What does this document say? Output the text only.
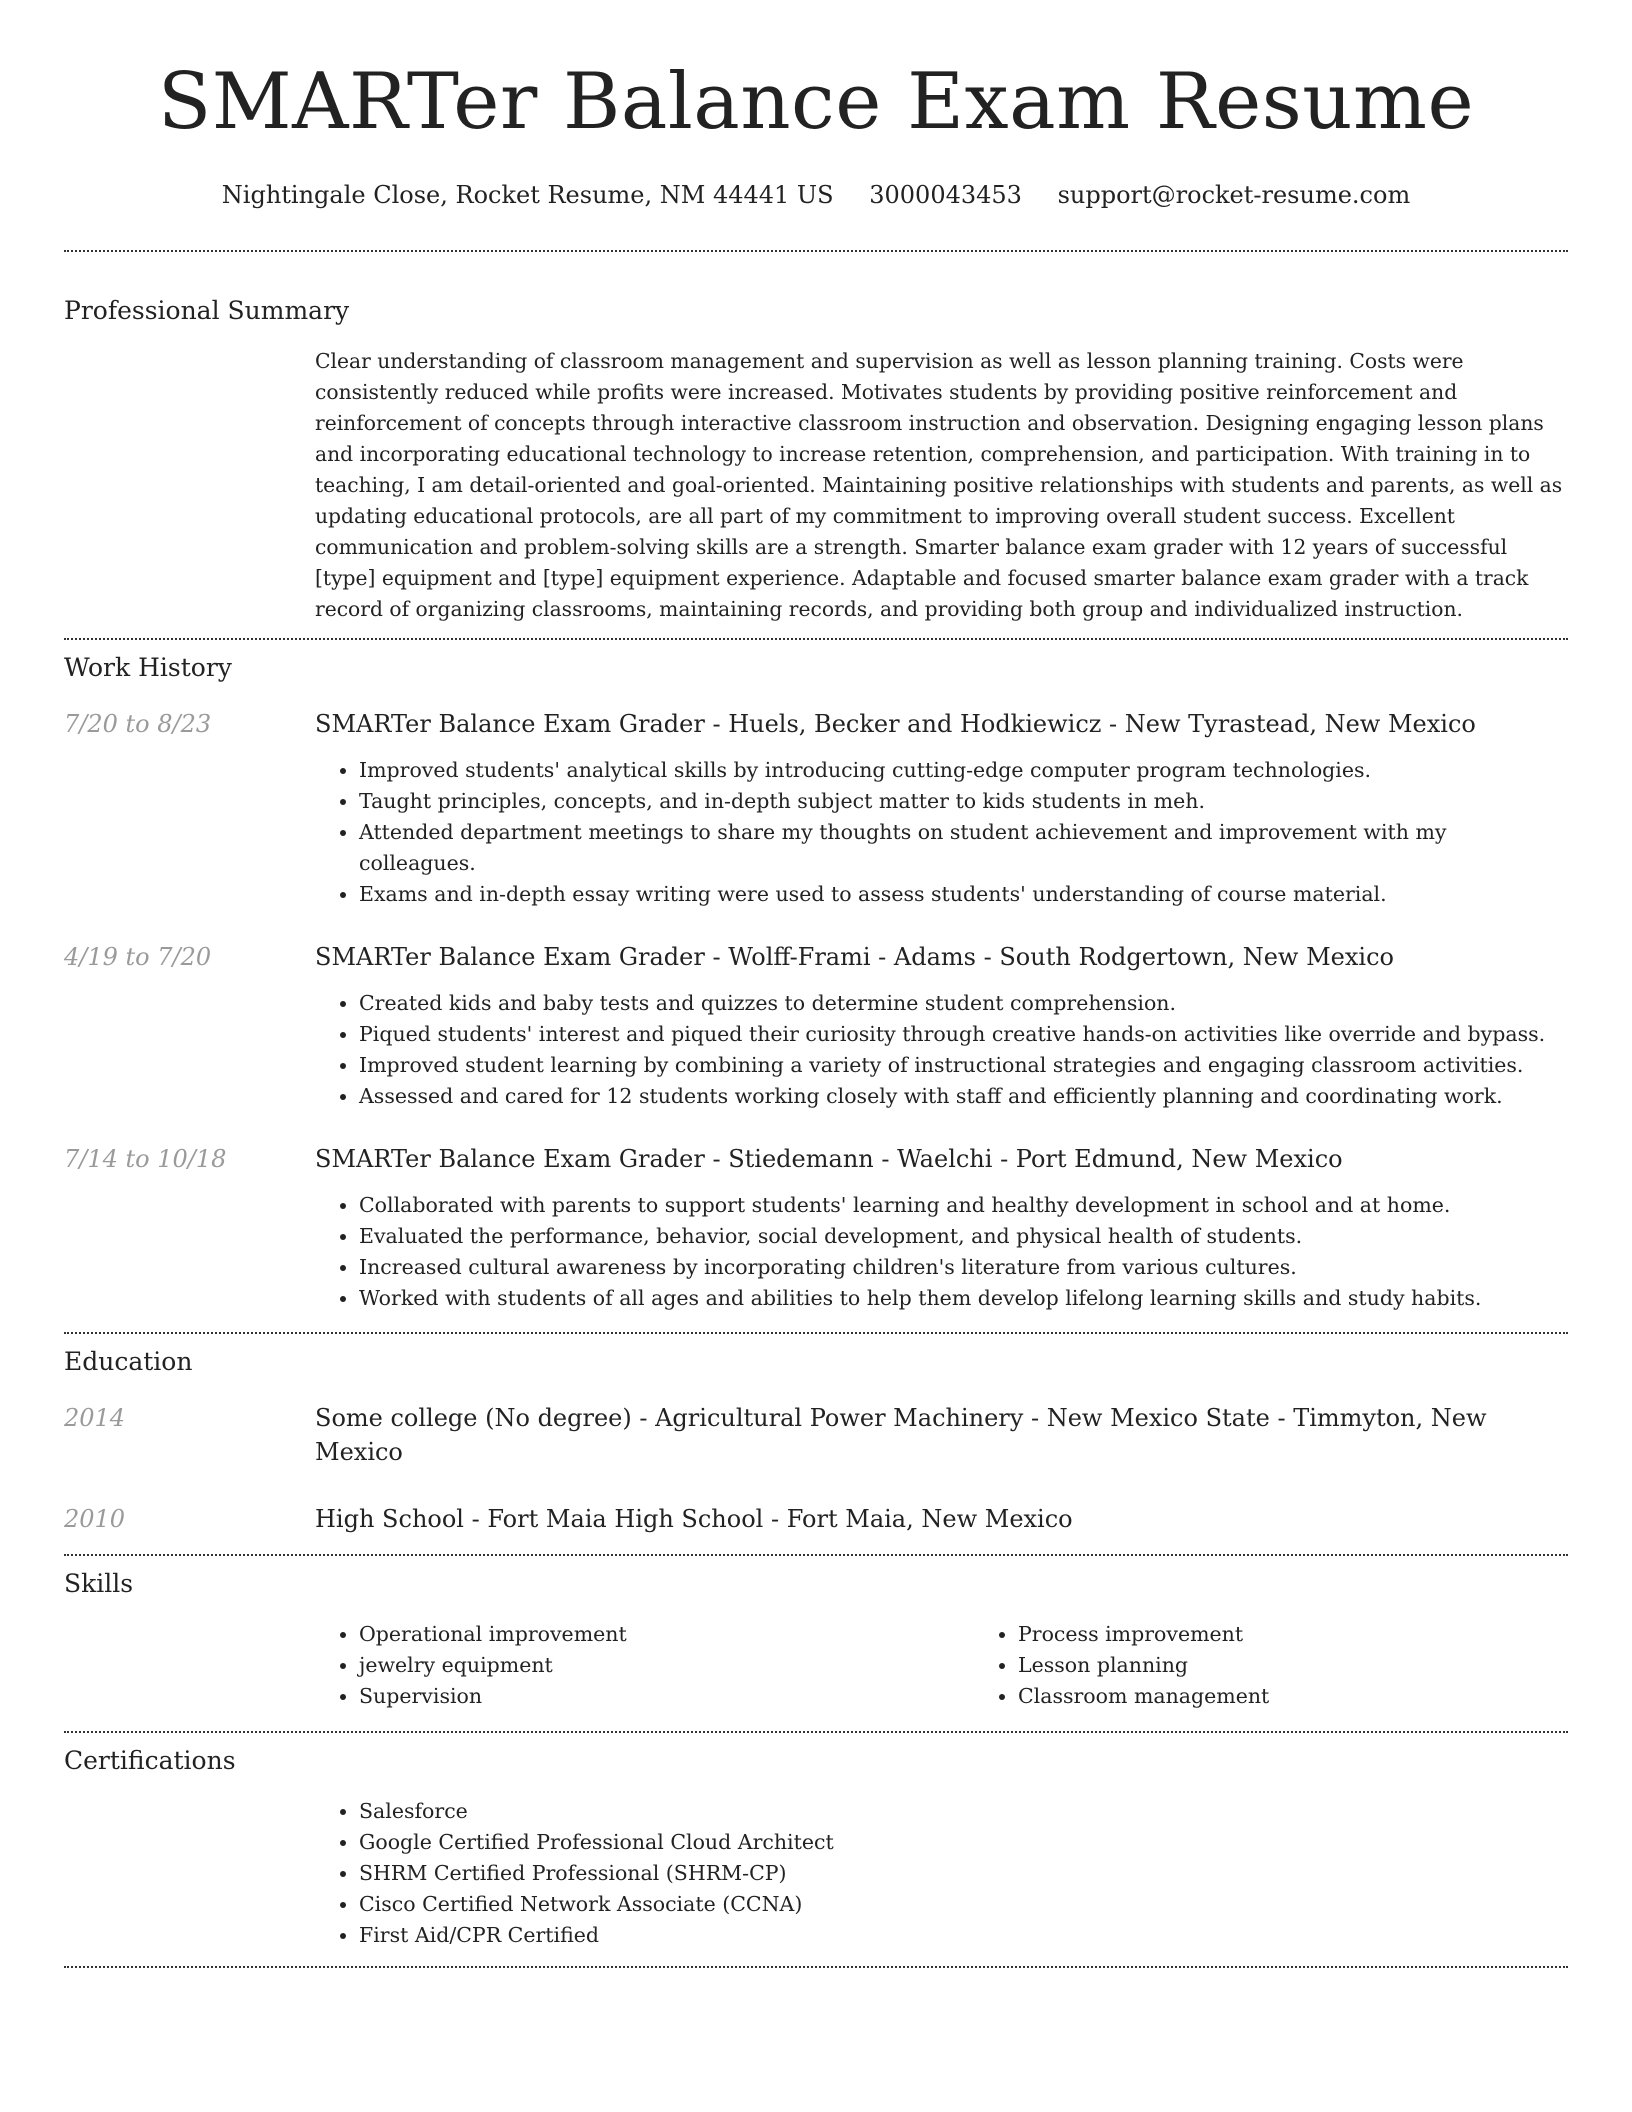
SMARTer Balance Exam Resume
Nightingale Close, Rocket Resume, NM 44441 US 3000043453 support@rocket-resume.com
Professional Summary

Clear understanding of classroom management and supervision as well as lesson planning training. Costs were consistently reduced while profits were increased. Motivates students by providing positive reinforcement and reinforcement of concepts through interactive classroom instruction and observation. Designing engaging lesson plans and incorporating educational technology to increase retention, comprehension, and participation. With training in to teaching, I am detail-oriented and goal-oriented. Maintaining positive relationships with students and parents, as well as updating educational protocols, are all part of my commitment to improving overall student success. Excellent communication and problem-solving skills are a strength. Smarter balance exam grader with 12 years of successful [type] equipment and [type] equipment experience. Adaptable and focused smarter balance exam grader with a track record of organizing classrooms, maintaining records, and providing both group and individualized instruction.

Work History
7/20 to 8/23	SMARTer Balance Exam Grader - Huels, Becker and Hodkiewicz - New Tyrastead, New Mexico
• Improved students' analytical skills by introducing cutting-edge computer program technologies.
• Taught principles, concepts, and in-depth subject matter to kids students in meh.
• Attended department meetings to share my thoughts on student achievement and improvement with my colleagues.
• Exams and in-depth essay writing were used to assess students' understanding of course material.
4/19 to 7/20	SMARTer Balance Exam Grader - Wolff-Frami - Adams - South Rodgertown, New Mexico
• Created kids and baby tests and quizzes to determine student comprehension.
• Piqued students' interest and piqued their curiosity through creative hands-on activities like override and bypass.
• Improved student learning by combining a variety of instructional strategies and engaging classroom activities.
• Assessed and cared for 12 students working closely with staff and efficiently planning and coordinating work.
7/14 to 10/18	SMARTer Balance Exam Grader - Stiedemann - Waelchi - Port Edmund, New Mexico
• Collaborated with parents to support students' learning and healthy development in school and at home.
• Evaluated the performance, behavior, social development, and physical health of students.
• Increased cultural awareness by incorporating children's literature from various cultures.
• Worked with students of all ages and abilities to help them develop lifelong learning skills and study habits.
Education
2014	Some college (No degree) - Agricultural Power Machinery - New Mexico State - Timmyton, New Mexico
2010	High School - Fort Maia High School - Fort Maia, New Mexico
Skills
• Operational improvement
• jewelry equipment
• Supervision
• Process improvement
• Lesson planning
• Classroom management
Certifications
• Salesforce
• Google Certified Professional Cloud Architect
• SHRM Certified Professional (SHRM-CP)
• Cisco Certified Network Associate (CCNA)
• First Aid/CPR Certified
